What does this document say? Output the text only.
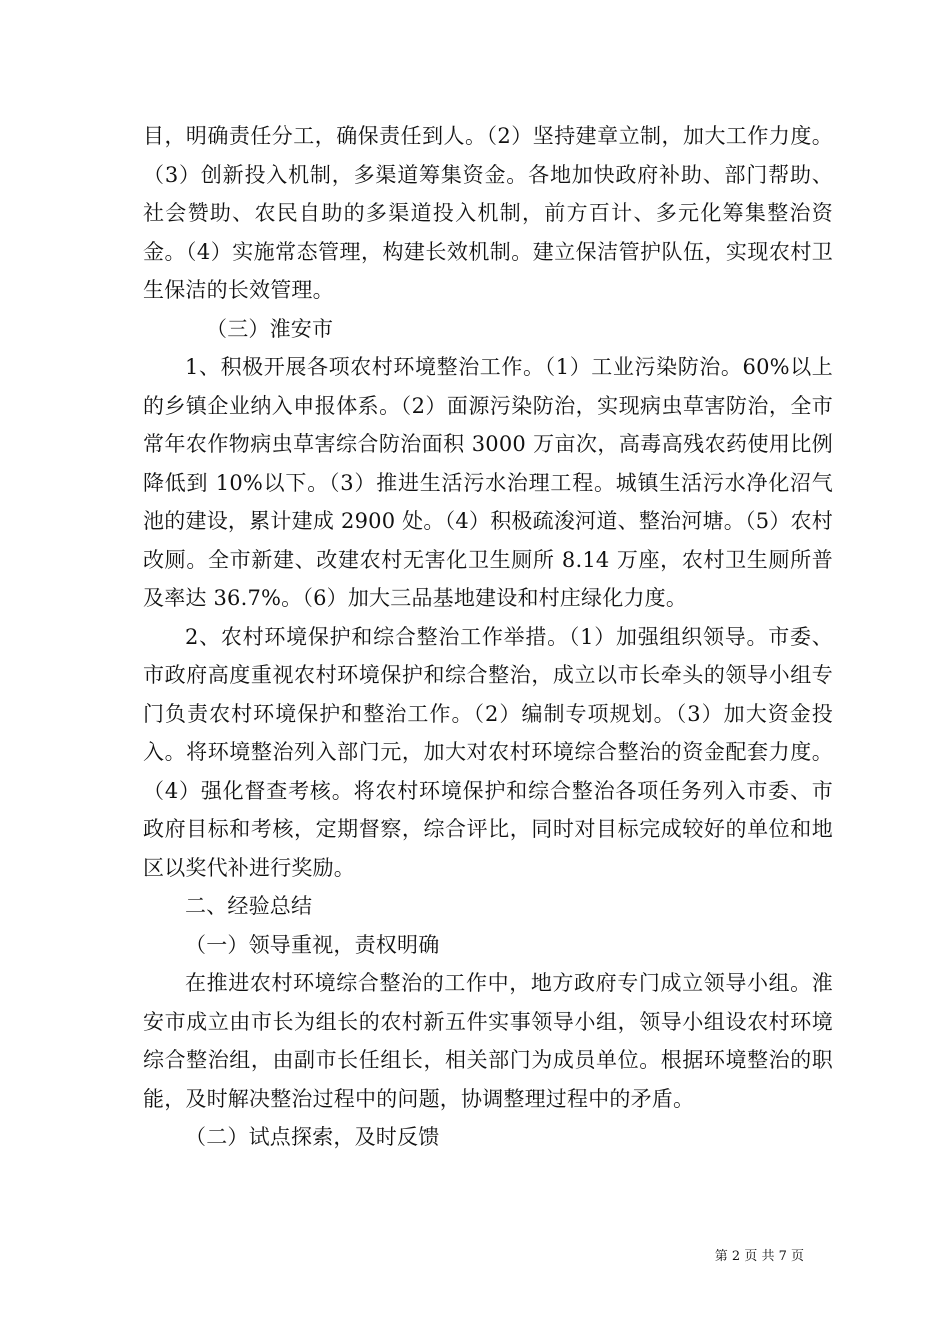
目，明确责任分工，确保责任到人。（2）坚持建章立制，加大工作力度。（3）创新投入机制，多渠道筹集资金。各地加快政府补助、部门帮助、社会赞助、农民自助的多渠道投入机制，前方百计、多元化筹集整治资金。（4）实施常态管理，构建长效机制。建立保洁管护队伍，实现农村卫生保洁的长效管理。

（三）淮安市

1、积极开展各项农村环境整治工作。（1）工业污染防治。60%以上的乡镇企业纳入申报体系。（2）面源污染防治，实现病虫草害防治，全市常年农作物病虫草害综合防治面积 3000 万亩次，高毒高残农药使用比例降低到 10%以下。（3）推进生活污水治理工程。城镇生活污水净化沼气池的建设，累计建成 2900 处。（4）积极疏浚河道、整治河塘。（5）农村改厕。全市新建、改建农村无害化卫生厕所 8.14 万座，农村卫生厕所普及率达 36.7%。（6）加大三品基地建设和村庄绿化力度。

2、农村环境保护和综合整治工作举措。（1）加强组织领导。市委、市政府高度重视农村环境保护和综合整治，成立以市长牵头的领导小组专门负责农村环境保护和整治工作。（2）编制专项规划。（3）加大资金投入。将环境整治列入部门元，加大对农村环境综合整治的资金配套力度。（4）强化督查考核。将农村环境保护和综合整治各项任务列入市委、市政府目标和考核，定期督察，综合评比，同时对目标完成较好的单位和地区以奖代补进行奖励。

二、经验总结

（一）领导重视，责权明确

在推进农村环境综合整治的工作中，地方政府专门成立领导小组。淮安市成立由市长为组长的农村新五件实事领导小组，领导小组设农村环境综合整治组，由副市长任组长，相关部门为成员单位。根据环境整治的职能，及时解决整治过程中的问题，协调整理过程中的矛盾。

（二）试点探索，及时反馈

第 2 页 共 7 页
